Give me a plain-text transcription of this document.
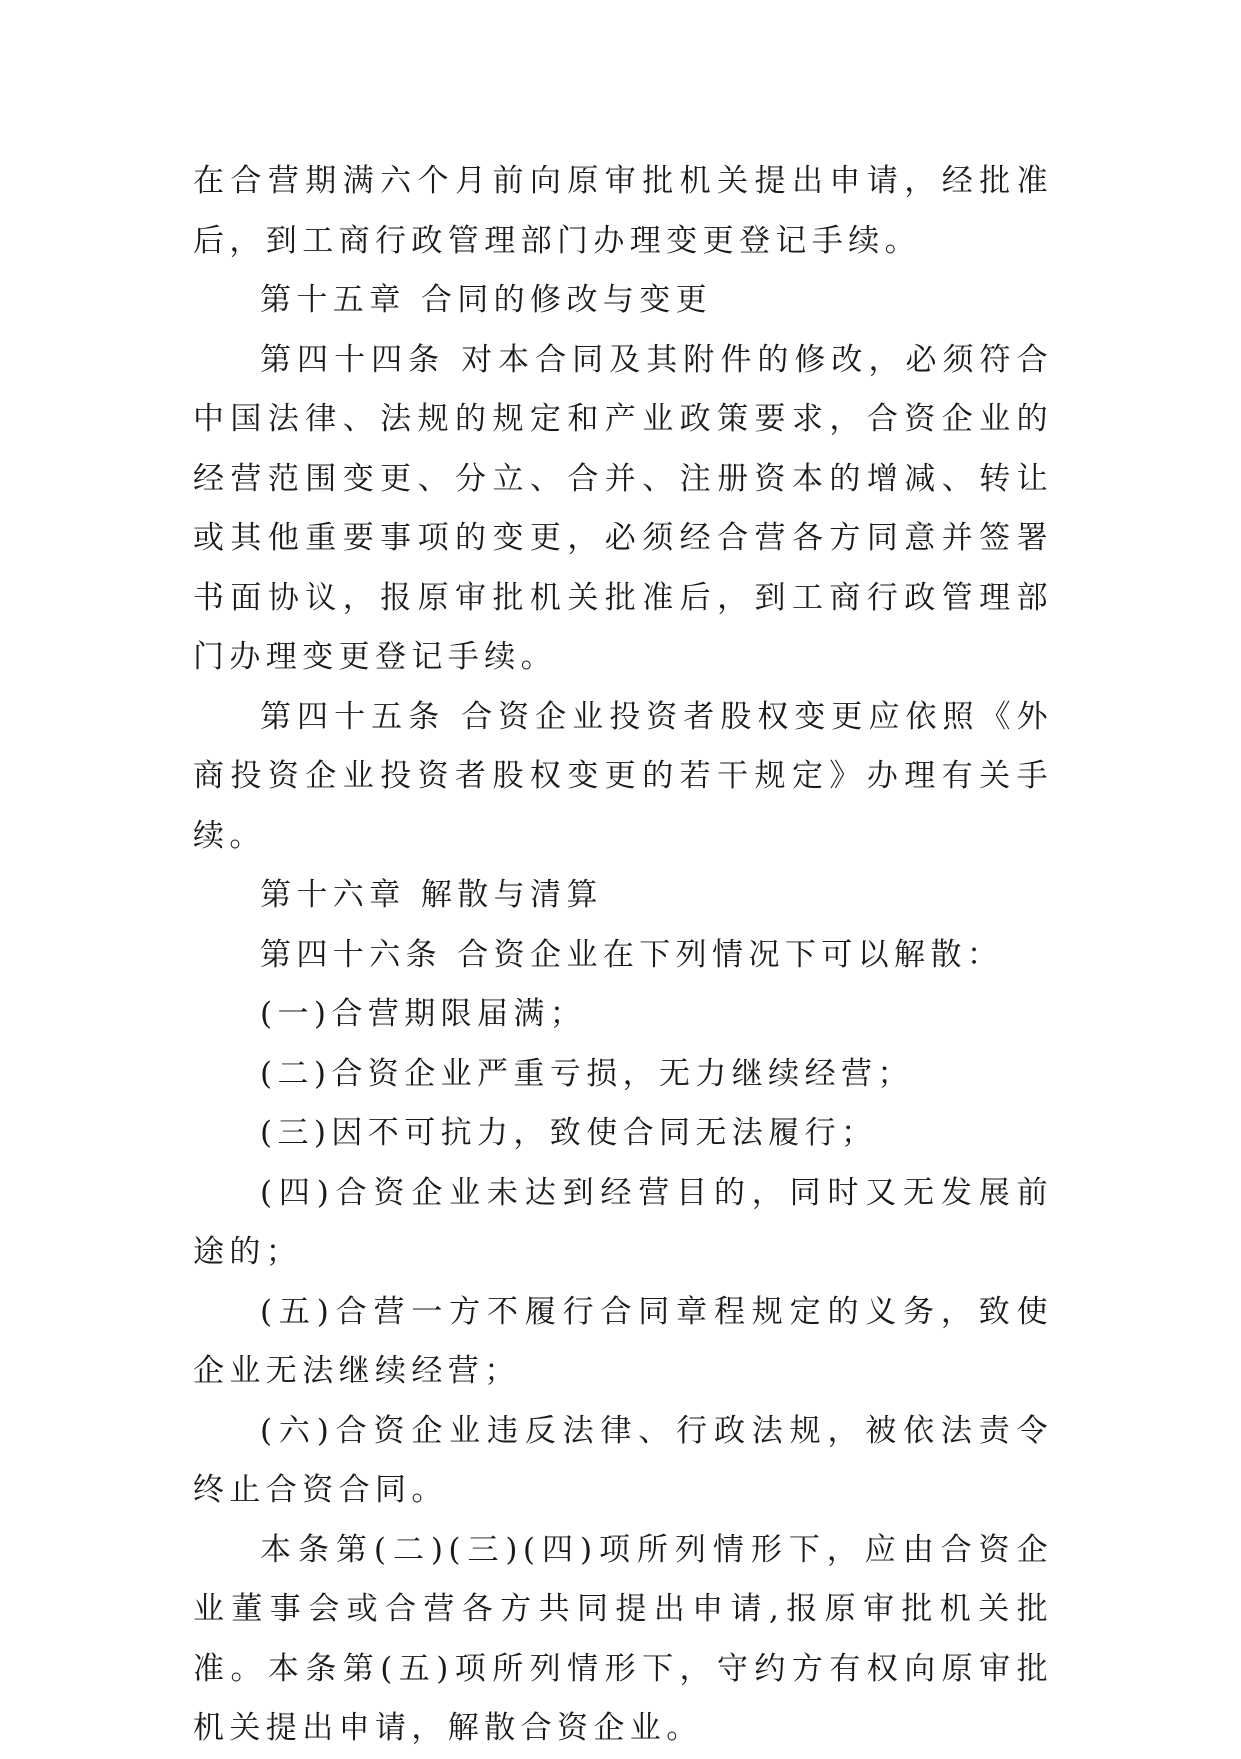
在合营期满六个月前向原审批机关提出申请，经批准后，到工商行政管理部门办理变更登记手续。

第十五章 合同的修改与变更

第四十四条 对本合同及其附件的修改，必须符合中国法律、法规的规定和产业政策要求，合资企业的经营范围变更、分立、合并、注册资本的增减、转让或其他重要事项的变更，必须经合营各方同意并签署书面协议，报原审批机关批准后，到工商行政管理部门办理变更登记手续。

第四十五条 合资企业投资者股权变更应依照《外商投资企业投资者股权变更的若干规定》办理有关手续。

第十六章 解散与清算

第四十六条 合资企业在下列情况下可以解散：

(一)合营期限届满；

(二)合资企业严重亏损，无力继续经营；

(三)因不可抗力，致使合同无法履行；

(四)合资企业未达到经营目的，同时又无发展前途的；

(五)合营一方不履行合同章程规定的义务，致使企业无法继续经营；

(六)合资企业违反法律、行政法规，被依法责令终止合资合同。

本条第(二)(三)(四)项所列情形下，应由合资企业董事会或合营各方共同提出申请,报原审批机关批准。本条第(五)项所列情形下，守约方有权向原审批机关提出申请，解散合资企业。
